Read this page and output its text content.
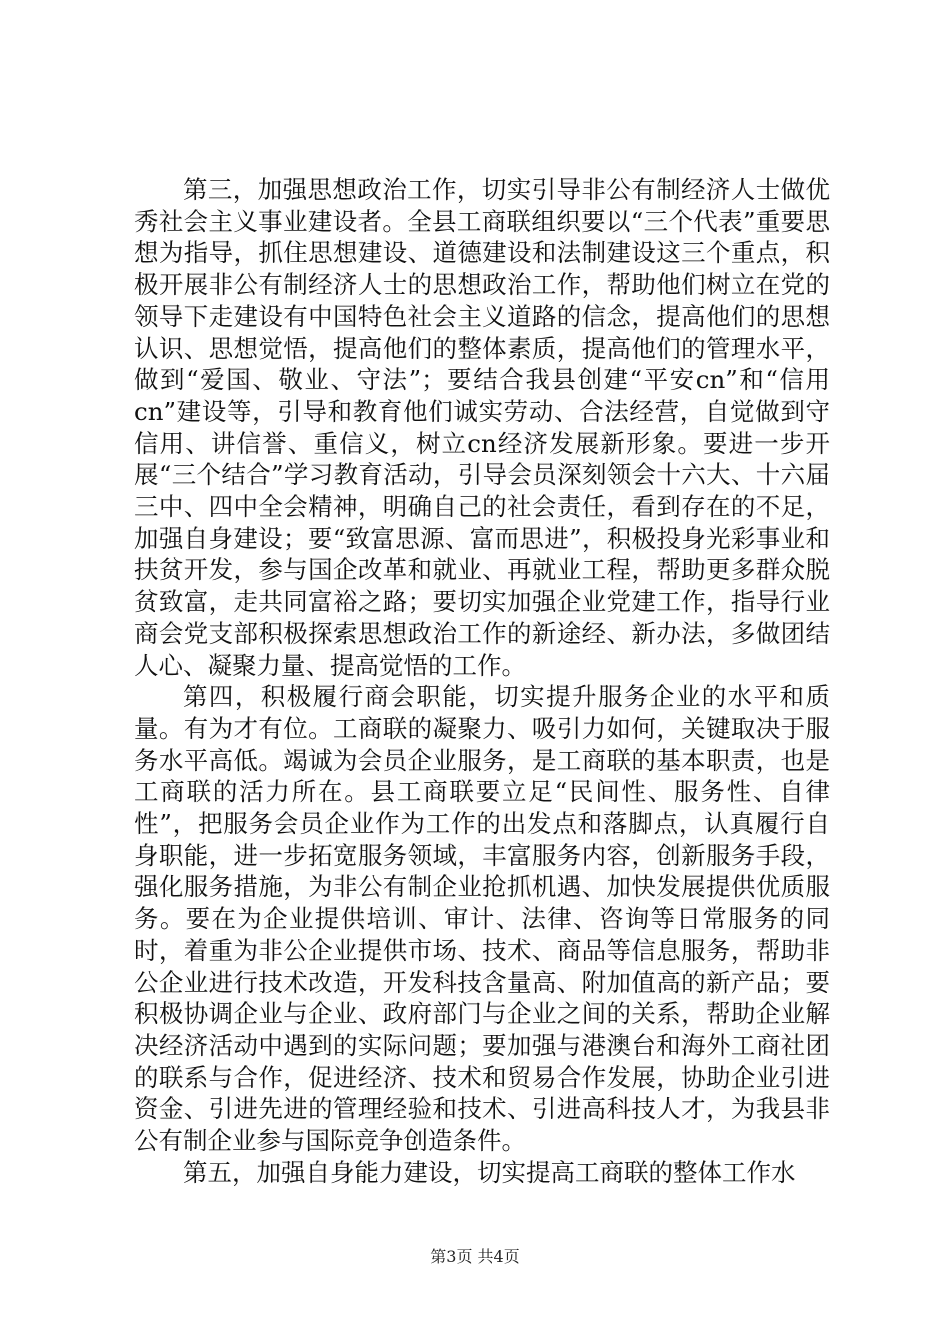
第三，加强思想政治工作，切实引导非公有制经济人士做优秀社会主义事业建设者。全县工商联组织要以“三个代表”重要思想为指导，抓住思想建设、道德建设和法制建设这三个重点，积极开展非公有制经济人士的思想政治工作，帮助他们树立在党的领导下走建设有中国特色社会主义道路的信念，提高他们的思想认识、思想觉悟，提高他们的整体素质，提高他们的管理水平，做到“爱国、敬业、守法”；要结合我县创建“平安cn”和“信用cn”建设等，引导和教育他们诚实劳动、合法经营，自觉做到守信用、讲信誉、重信义，树立cn经济发展新形象。要进一步开展“三个结合”学习教育活动，引导会员深刻领会十六大、十六届三中、四中全会精神，明确自己的社会责任，看到存在的不足，加强自身建设；要“致富思源、富而思进”，积极投身光彩事业和扶贫开发，参与国企改革和就业、再就业工程，帮助更多群众脱贫致富，走共同富裕之路；要切实加强企业党建工作，指导行业商会党支部积极探索思想政治工作的新途经、新办法，多做团结人心、凝聚力量、提高觉悟的工作。

第四，积极履行商会职能，切实提升服务企业的水平和质量。有为才有位。工商联的凝聚力、吸引力如何，关键取决于服务水平高低。竭诚为会员企业服务，是工商联的基本职责，也是工商联的活力所在。县工商联要立足“民间性、服务性、自律性”，把服务会员企业作为工作的出发点和落脚点，认真履行自身职能，进一步拓宽服务领域，丰富服务内容，创新服务手段，强化服务措施，为非公有制企业抢抓机遇、加快发展提供优质服务。要在为企业提供培训、审计、法律、咨询等日常服务的同时，着重为非公企业提供市场、技术、商品等信息服务，帮助非公企业进行技术改造，开发科技含量高、附加值高的新产品；要积极协调企业与企业、政府部门与企业之间的关系，帮助企业解决经济活动中遇到的实际问题；要加强与港澳台和海外工商社团的联系与合作，促进经济、技术和贸易合作发展，协助企业引进资金、引进先进的管理经验和技术、引进高科技人才，为我县非公有制企业参与国际竞争创造条件。

第五，加强自身能力建设，切实提高工商联的整体工作水

第3页 共4页
